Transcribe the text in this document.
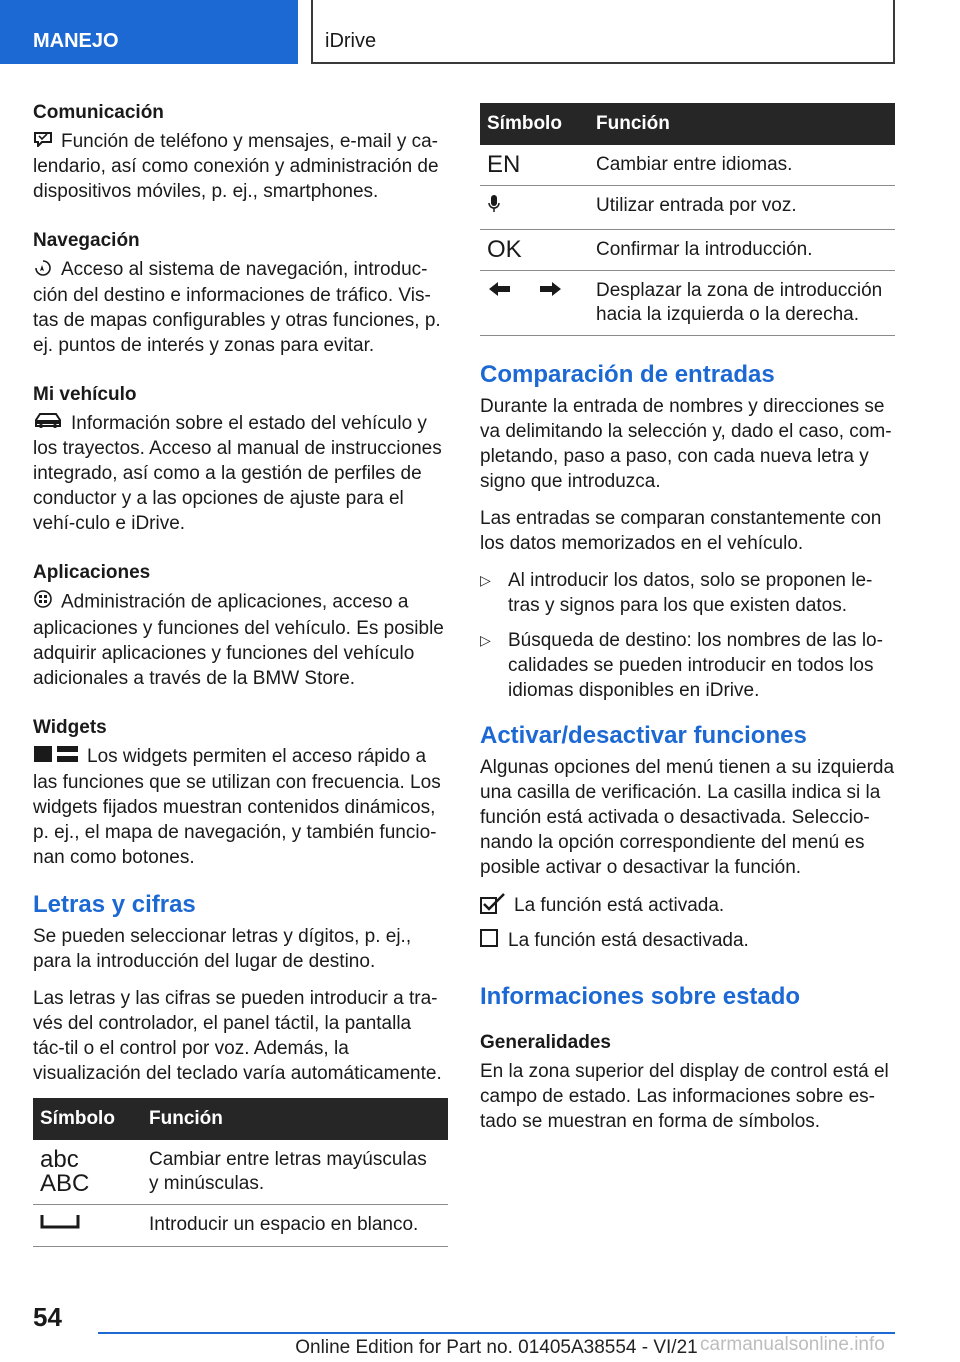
MANEJO	iDrive
Comunicación

Función de teléfono y mensajes, e-mail y ca-lendario, así como conexión y administración de dispositivos móviles, p. ej., smartphones.

Navegación

Acceso al sistema de navegación, introduc-ción del destino e informaciones de tráfico. Vis-tas de mapas configurables y otras funciones, p. ej. puntos de interés y zonas para evitar.

Mi vehículo

Información sobre el estado del vehículo y los trayectos. Acceso al manual de instrucciones integrado, así como a la gestión de perfiles de conductor y a las opciones de ajuste para el vehí-culo e iDrive.

Aplicaciones

Administración de aplicaciones, acceso a aplicaciones y funciones del vehículo. Es posible adquirir aplicaciones y funciones del vehículo adicionales a través de la BMW Store.

Widgets

Los widgets permiten el acceso rápido a las funciones que se utilizan con frecuencia. Los widgets fijados muestran contenidos dinámicos, p. ej., el mapa de navegación, y también funcio-nan como botones.

Letras y cifras

Se pueden seleccionar letras y dígitos, p. ej., para la introducción del lugar de destino.

Las letras y las cifras se pueden introducir a tra-vés del controlador, el panel táctil, la pantalla tác-til o el control por voz. Además, la visualización del teclado varía automáticamente.

Símbolo	Función

abc
ABC	Cambiar entre letras mayúsculas y minúsculas.
	Introducir un espacio en blanco.
Símbolo	Función
EN	Cambiar entre idiomas.
	Utilizar entrada por voz.
OK	Confirmar la introducción.
	Desplazar la zona de introducción hacia la izquierda o la derecha.
Comparación de entradas

Durante la entrada de nombres y direcciones se va delimitando la selección y, dado el caso, com-pletando, paso a paso, con cada nueva letra y signo que introduzca.

Las entradas se comparan constantemente con los datos memorizados en el vehículo.

▷ Al introducir los datos, solo se proponen le-tras y signos para los que existen datos.
▷ Búsqueda de destino: los nombres de las lo-calidades se pueden introducir en todos los idiomas disponibles en iDrive.
Activar/desactivar funciones

Algunas opciones del menú tienen a su izquierda una casilla de verificación. La casilla indica si la función está activada o desactivada. Seleccio-nando la opción correspondiente del menú es posible activar o desactivar la función.

La función está activada.
La función está desactivada.
Informaciones sobre estado
Generalidades

En la zona superior del display de control está el campo de estado. Las informaciones sobre es-tado se muestran en forma de símbolos.

54
Online Edition for Part no. 01405A38554 - VI/21 carmanualsonline.info
